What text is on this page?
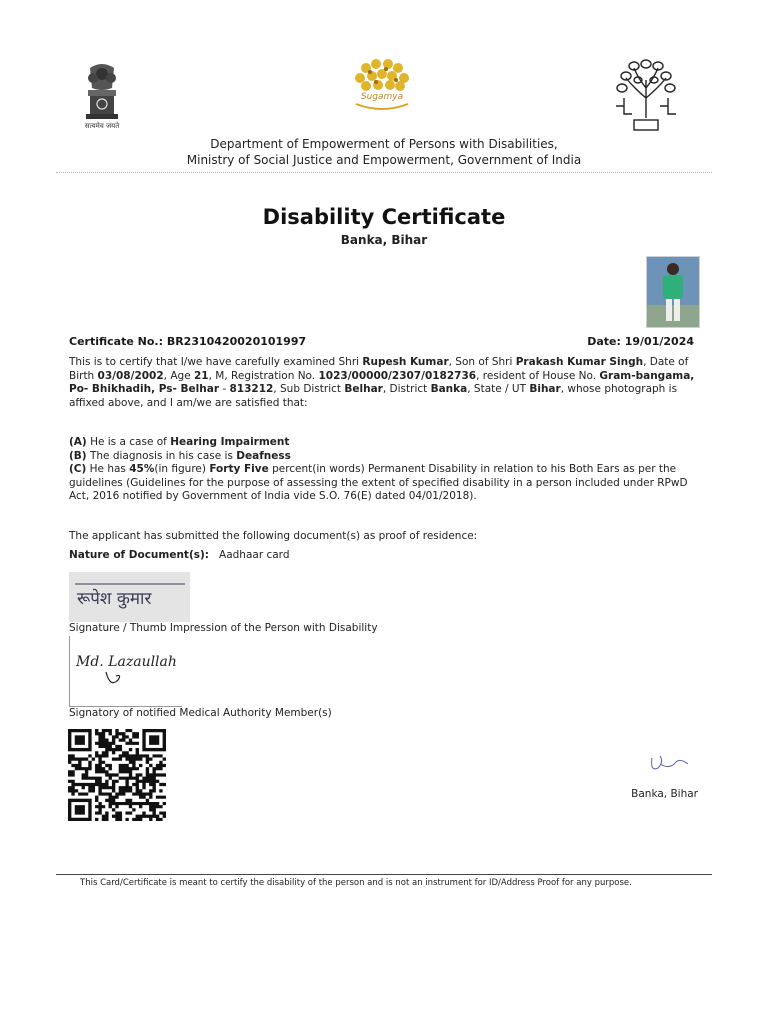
सत्यमेव जयते
Sugamya
Department of Empowerment of Persons with Disabilities,
Ministry of Social Justice and Empowerment, Government of India
Disability Certificate
Banka, Bihar
Certificate No.: BR2310420020101997	Date: 19/01/2024
This is to certify that I/we have carefully examined Shri Rupesh Kumar, Son of Shri Prakash Kumar Singh, Date of Birth 03/08/2002, Age 21, M, Registration No. 1023/00000/2307/0182736, resident of House No. Gram-bangama, Po- Bhikhadih, Ps- Belhar - 813212, Sub District Belhar, District Banka, State / UT Bihar, whose photograph is affixed above, and I am/we are satisfied that:
(A) He is a case of Hearing Impairment
(B) The diagnosis in his case is Deafness
(C) He has 45%(in figure) Forty Five percent(in words) Permanent Disability in relation to his Both Ears as per the guidelines (Guidelines for the purpose of assessing the extent of specified disability in a person included under RPwD Act, 2016 notified by Government of India vide S.O. 76(E) dated 04/01/2018).
The applicant has submitted the following document(s) as proof of residence:
Nature of Document(s): Aadhaar card
रूपेश कुमार
Signature / Thumb Impression of the Person with Disability
Md. Lazaullah
Signatory of notified Medical Authority Member(s)
Banka, Bihar
This Card/Certificate is meant to certify the disability of the person and is not an instrument for ID/Address Proof for any purpose.
